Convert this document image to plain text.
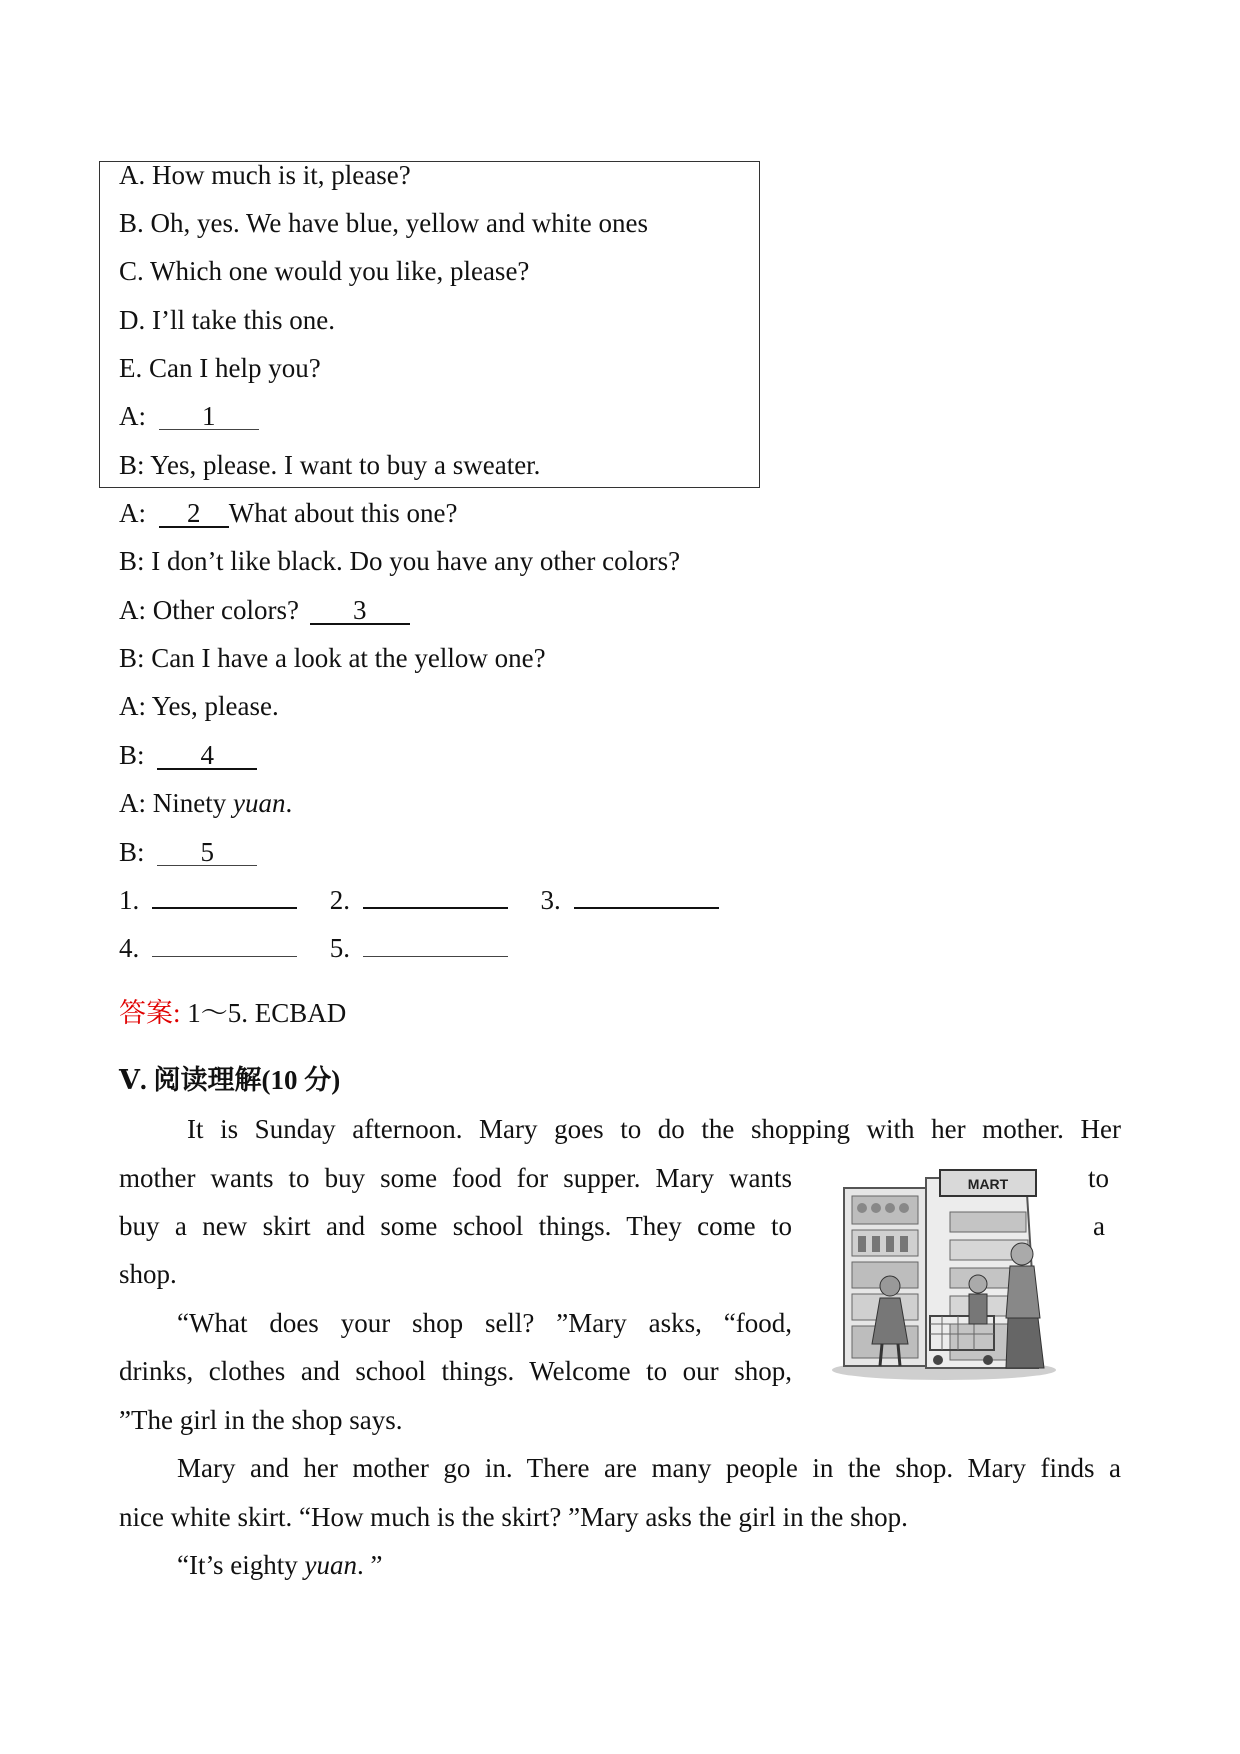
A. How much is it, please?
B. Oh, yes. We have blue, yellow and white ones
C. Which one would you like, please?
D. I’ll take this one.
E. Can I help you?
A: 1
B: Yes, please. I want to buy a sweater.
A: 2 What about this one?
B: I don’t like black. Do you have any other colors?
A: Other colors? 3
B: Can I have a look at the yellow one?
A: Yes, please.
B: 4
A: Ninety yuan.
B: 5
1.	2.	3.
4.	5.
答案: 1～5. ECBAD
Ⅴ. 阅读理解(10 分)
It is Sunday afternoon. Mary goes to do the shopping with her mother. Her
mother wants to buy some food for supper. Mary wants	to
buy a new skirt and some school things. They come to	a
shop.
“What does your shop sell? ”Mary asks, “food,
drinks, clothes and school things. Welcome to our shop,
”The girl in the shop says.
Mary and her mother go in. There are many people in the shop. Mary finds a
nice white skirt. “How much is the skirt? ”Mary asks the girl in the shop.
“It’s eighty yuan. ”
MART
